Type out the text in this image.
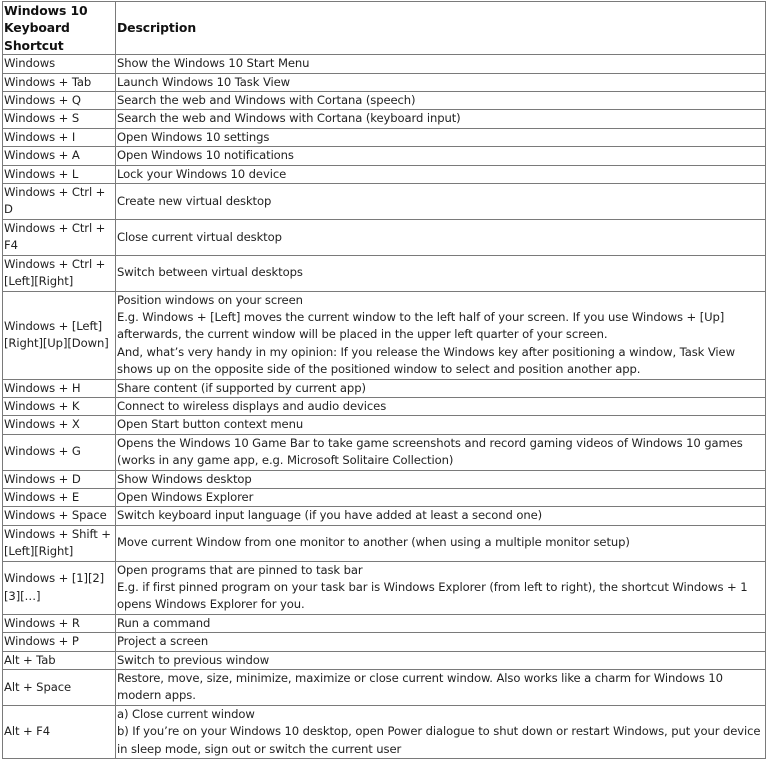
Windows 10 Keyboard Shortcut	Description
Windows	Show the Windows 10 Start Menu

Windows + Tab	Launch Windows 10 Task View

Windows + Q	Search the web and Windows with Cortana (speech)

Windows + S	Search the web and Windows with Cortana (keyboard input)

Windows + I	Open Windows 10 settings

Windows + A	Open Windows 10 notifications

Windows + L	Lock your Windows 10 device

Windows + Ctrl + D	Create new virtual desktop

Windows + Ctrl + F4	Close current virtual desktop

Windows + Ctrl + [Left][Right]	Switch between virtual desktops

Windows + [Left][Right][Up][Down]	Position windows on your screen
E.g. Windows + [Left] moves the current window to the left half of your screen. If you use Windows + [Up] afterwards, the current window will be placed in the upper left quarter of your screen.
And, what’s very handy in my opinion: If you release the Windows key after positioning a window, Task View shows up on the opposite side of the positioned window to select and position another app.

Windows + H	Share content (if supported by current app)

Windows + K	Connect to wireless displays and audio devices

Windows + X	Open Start button context menu

Windows + G	Opens the Windows 10 Game Bar to take game screenshots and record gaming videos of Windows 10 games (works in any game app, e.g. Microsoft Solitaire Collection)

Windows + D	Show Windows desktop

Windows + E	Open Windows Explorer

Windows + Space	Switch keyboard input language (if you have added at least a second one)

Windows + Shift + [Left][Right]	Move current Window from one monitor to another (when using a multiple monitor setup)

Windows + [1][2][3][…]	Open programs that are pinned to task bar
E.g. if first pinned program on your task bar is Windows Explorer (from left to right), the shortcut Windows + 1 opens Windows Explorer for you.

Windows + R	Run a command

Windows + P	Project a screen

Alt + Tab	Switch to previous window

Alt + Space	Restore, move, size, minimize, maximize or close current window. Also works like a charm for Windows 10 modern apps.

Alt + F4	a) Close current window
b) If you’re on your Windows 10 desktop, open Power dialogue to shut down or restart Windows, put your device in sleep mode, sign out or switch the current user
